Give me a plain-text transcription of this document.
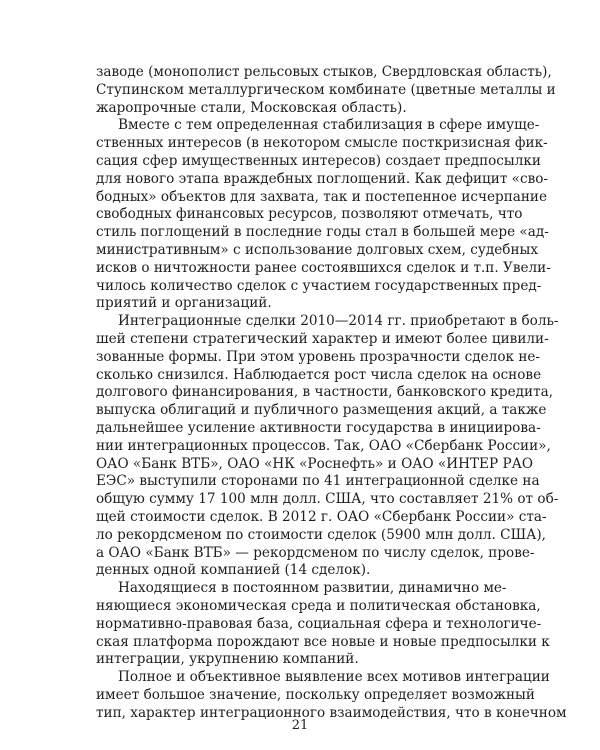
заводе (монополист рельсовых стыков, Свердловская область),
Ступинском металлургическом комбинате (цветные металлы и
жаропрочные стали, Московская область).
Вместе с тем определенная стабилизация в сфере имуще-
ственных интересов (в некотором смысле посткризисная фик-
сация сфер имущественных интересов) создает предпосылки
для нового этапа враждебных поглощений. Как дефицит «сво-
бодных» объектов для захвата, так и постепенное исчерпание
свободных финансовых ресурсов, позволяют отмечать, что
стиль поглощений в последние годы стал в большей мере «ад-
министративным» с использование долговых схем, судебных
исков о ничтожности ранее состоявшихся сделок и т.п. Увели-
чилось количество сделок с участием государственных пред-
приятий и организаций.
Интеграционные сделки 2010—2014 гг. приобретают в боль-
шей степени стратегический характер и имеют более цивили-
зованные формы. При этом уровень прозрачности сделок не-
сколько снизился. Наблюдается рост числа сделок на основе
долгового финансирования, в частности, банковского кредита,
выпуска облигаций и публичного размещения акций, а также
дальнейшее усиление активности государства в инициирова-
нии интеграционных процессов. Так, ОАО «Сбербанк России»,
ОАО «Банк ВТБ», ОАО «НК «Роснефть» и ОАО «ИНТЕР РАО
ЕЭС» выступили сторонами по 41 интеграционной сделке на
общую сумму 17 100 млн долл. США, что составляет 21% от об-
щей стоимости сделок. В 2012 г. ОАО «Сбербанк России» ста-
ло рекордсменом по стоимости сделок (5900 млн долл. США),
а ОАО «Банк ВТБ» — рекордсменом по числу сделок, прове-
денных одной компанией (14 сделок).
Находящиеся в постоянном развитии, динамично ме-
няющиеся экономическая среда и политическая обстановка,
нормативно-правовая база, социальная сфера и технологиче-
ская платформа порождают все новые и новые предпосылки к
интеграции, укрупнению компаний.
Полное и объективное выявление всех мотивов интеграции
имеет большое значение, поскольку определяет возможный
тип, характер интеграционного взаимодействия, что в конечном
21
